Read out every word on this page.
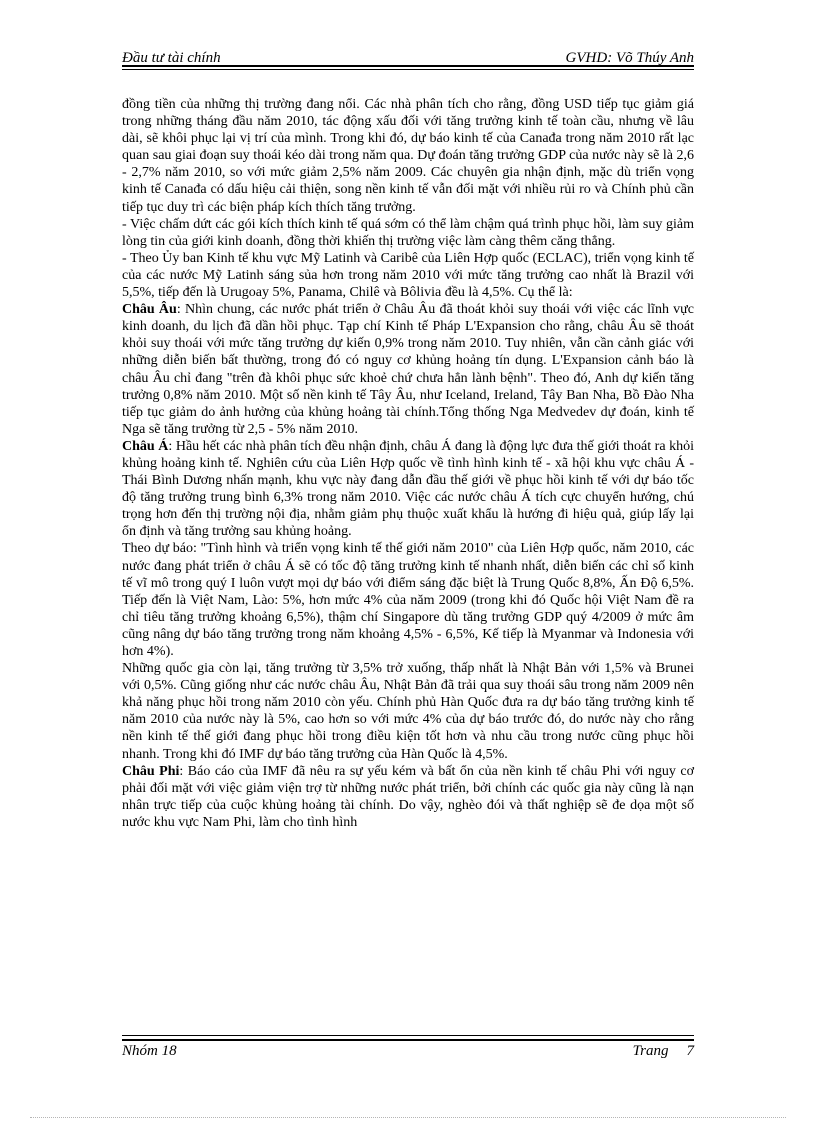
Đầu tư tài chính	GVHD: Võ Thúy Anh

đồng tiền của những thị trường đang nổi. Các nhà phân tích cho rằng, đồng USD tiếp tục giảm giá trong những tháng đầu năm 2010, tác động xấu đối với tăng trưởng kinh tế toàn cầu, nhưng về lâu dài, sẽ khôi phục lại vị trí của mình. Trong khi đó, dự báo kinh tế của Canađa trong năm 2010 rất lạc quan sau giai đoạn suy thoái kéo dài trong năm qua. Dự đoán tăng trưởng GDP của nước này sẽ là 2,6 - 2,7% năm 2010, so với mức giảm 2,5% năm 2009. Các chuyên gia nhận định, mặc dù triển vọng kinh tế Canađa có dấu hiệu cải thiện, song nền kinh tế vẫn đối mặt với nhiều rủi ro và Chính phủ cần tiếp tục duy trì các biện pháp kích thích tăng trưởng.

- Việc chấm dứt các gói kích thích kinh tế quá sớm có thể làm chậm quá trình phục hồi, làm suy giảm lòng tin của giới kinh doanh, đồng thời khiến thị trường việc làm càng thêm căng thẳng.

- Theo Ủy ban Kinh tế khu vực Mỹ Latinh và Caribê của Liên Hợp quốc (ECLAC), triển vọng kinh tế của các nước Mỹ Latinh sáng sủa hơn trong năm 2010 với mức tăng trưởng cao nhất là Brazil với 5,5%, tiếp đến là Urugoay 5%, Panama, Chilê và Bôlivia đều là 4,5%. Cụ thể là:

Châu Âu: Nhìn chung, các nước phát triển ở Châu Âu đã thoát khỏi suy thoái với việc các lĩnh vực kinh doanh, du lịch đã dần hồi phục. Tạp chí Kinh tế Pháp L'Expansion cho rằng, châu Âu sẽ thoát khỏi suy thoái với mức tăng trưởng dự kiến 0,9% trong năm 2010. Tuy nhiên, vẫn cần cảnh giác với những diễn biến bất thường, trong đó có nguy cơ khủng hoảng tín dụng. L'Expansion cảnh báo là châu Âu chỉ đang "trên đà khôi phục sức khoẻ chứ chưa hẳn lành bệnh". Theo đó, Anh dự kiến tăng trưởng 0,8% năm 2010. Một số nền kinh tế Tây Âu, như Iceland, Ireland, Tây Ban Nha, Bồ Đào Nha tiếp tục giảm do ảnh hưởng của khủng hoảng tài chính.Tổng thống Nga Medvedev dự đoán, kinh tế Nga sẽ tăng trưởng từ 2,5 - 5% năm 2010.

Châu Á: Hầu hết các nhà phân tích đều nhận định, châu Á đang là động lực đưa thế giới thoát ra khỏi khủng hoảng kinh tế. Nghiên cứu của Liên Hợp quốc về tình hình kinh tế - xã hội khu vực châu Á - Thái Bình Dương nhấn mạnh, khu vực này đang dẫn đầu thế giới về phục hồi kinh tế với dự báo tốc độ tăng trưởng trung bình 6,3% trong năm 2010. Việc các nước châu Á tích cực chuyển hướng, chú trọng hơn đến thị trường nội địa, nhằm giảm phụ thuộc xuất khẩu là hướng đi hiệu quả, giúp lấy lại ổn định và tăng trưởng sau khủng hoảng.

Theo dự báo: "Tình hình và triển vọng kinh tế thế giới năm 2010" của Liên Hợp quốc, năm 2010, các nước đang phát triển ở châu Á sẽ có tốc độ tăng trưởng kinh tế nhanh nhất, diễn biến các chỉ số kinh tế vĩ mô trong quý I luôn vượt mọi dự báo với điểm sáng đặc biệt là Trung Quốc 8,8%, Ấn Độ 6,5%. Tiếp đến là Việt Nam, Lào: 5%, hơn mức 4% của năm 2009 (trong khi đó Quốc hội Việt Nam đề ra chỉ tiêu tăng trưởng khoảng 6,5%), thậm chí Singapore dù tăng trưởng GDP quý 4/2009 ở mức âm cũng nâng dự báo tăng trưởng trong năm khoảng 4,5% - 6,5%, Kế tiếp là Myanmar và Indonesia với hơn 4%).

Những quốc gia còn lại, tăng trưởng từ 3,5% trở xuống, thấp nhất là Nhật Bản với 1,5% và Brunei với 0,5%. Cũng giống như các nước châu Âu, Nhật Bản đã trải qua suy thoái sâu trong năm 2009 nên khả năng phục hồi trong năm 2010 còn yếu. Chính phủ Hàn Quốc đưa ra dự báo tăng trưởng kinh tế năm 2010 của nước này là 5%, cao hơn so với mức 4% của dự báo trước đó, do nước này cho rằng nền kinh tế thế giới đang phục hồi trong điều kiện tốt hơn và nhu cầu trong nước cũng phục hồi nhanh. Trong khi đó IMF dự báo tăng trưởng của Hàn Quốc là 4,5%.

Châu Phi: Báo cáo của IMF đã nêu ra sự yếu kém và bất ổn của nền kinh tế châu Phi với nguy cơ phải đối mặt với việc giảm viện trợ từ những nước phát triển, bởi chính các quốc gia này cũng là nạn nhân trực tiếp của cuộc khủng hoảng tài chính. Do vậy, nghèo đói và thất nghiệp sẽ đe dọa một số nước khu vực Nam Phi, làm cho tình hình

Nhóm 18	Trang 7
